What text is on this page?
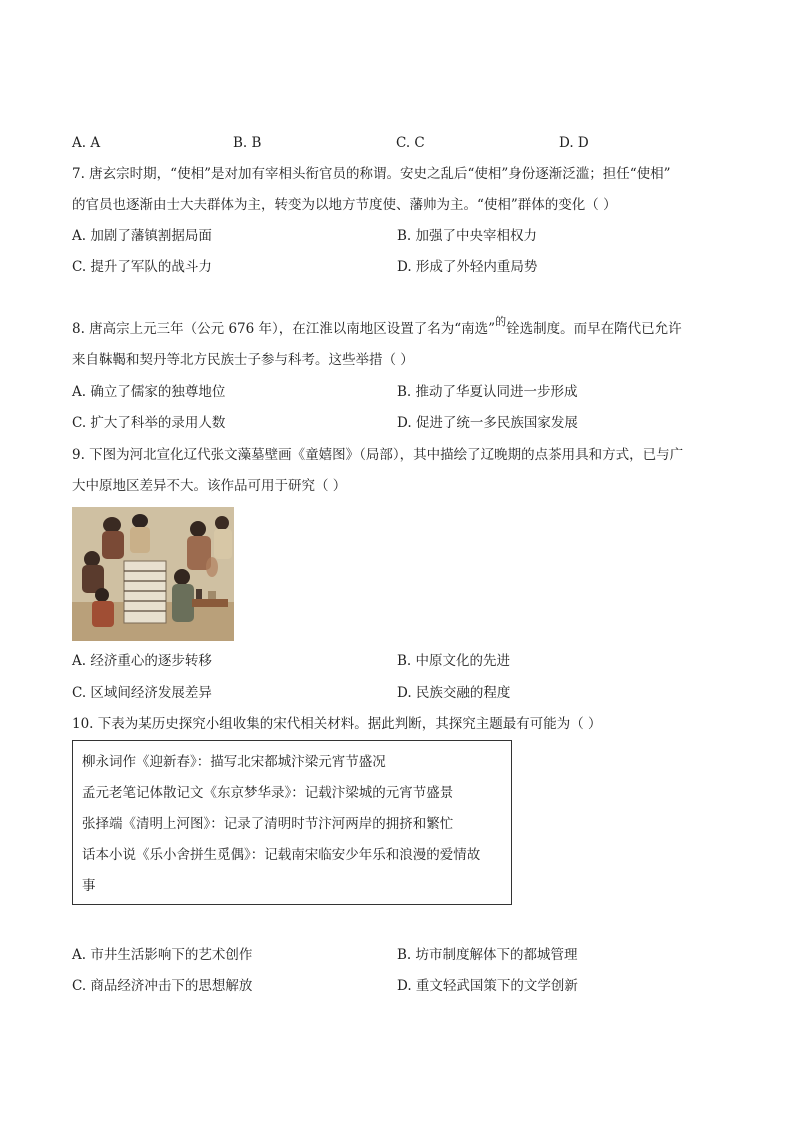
A. A	B. B	C. C	D. D
7. 唐玄宗时期，“使相”是对加有宰相头衔官员的称谓。安史之乱后“使相”身份逐渐泛滥；担任“使相”
的官员也逐渐由士大夫群体为主，转变为以地方节度使、藩帅为主。“使相”群体的变化（ ）
A. 加剧了藩镇割据局面	B. 加强了中央宰相权力
C. 提升了军队的战斗力	D. 形成了外轻内重局势
8. 唐高宗上元三年（公元 676 年），在江淮以南地区设置了名为“南选”$^的$铨选制度。而早在隋代已允许
来自靺鞨和契丹等北方民族士子参与科考。这些举措（ ）
A. 确立了儒家的独尊地位	B. 推动了华夏认同进一步形成
C. 扩大了科举的录用人数	D. 促进了统一多民族国家发展
9. 下图为河北宣化辽代张文藻墓壁画《童嬉图》（局部），其中描绘了辽晚期的点茶用具和方式，已与广
大中原地区差异不大。该作品可用于研究（ ）
A. 经济重心的逐步转移	B. 中原文化的先进
C. 区域间经济发展差异	D. 民族交融的程度
10. 下表为某历史探究小组收集的宋代相关材料。据此判断，其探究主题最有可能为（ ）
柳永词作《迎新春》：描写北宋都城汴梁元宵节盛况
孟元老笔记体散记文《东京梦华录》：记载汴梁城的元宵节盛景
张择端《清明上河图》：记录了清明时节汴河两岸的拥挤和繁忙
话本小说《乐小舍拼生觅偶》：记载南宋临安少年乐和浪漫的爱情故
事
A. 市井生活影响下的艺术创作	B. 坊市制度解体下的都城管理
C. 商品经济冲击下的思想解放	D. 重文轻武国策下的文学创新
